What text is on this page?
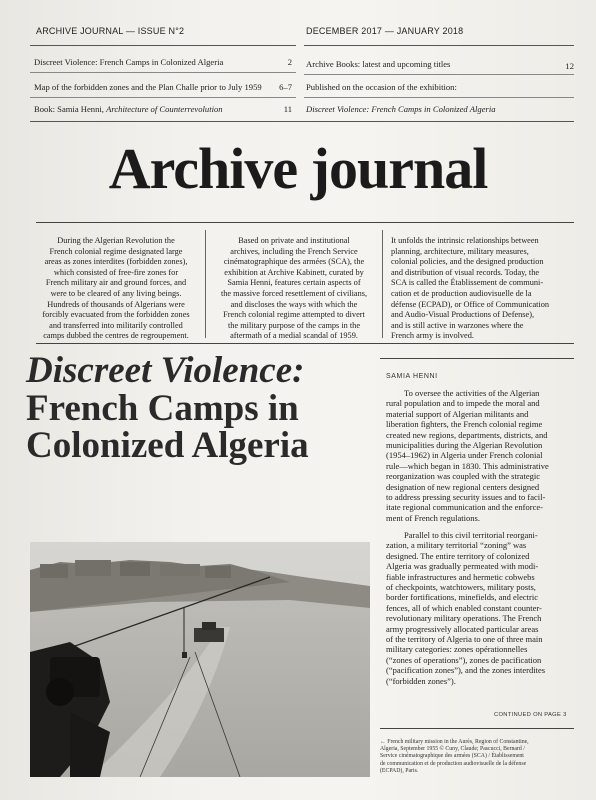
ARCHIVE JOURNAL — ISSUE N°2	DECEMBER 2017 — JANUARY 2018
Discreet Violence: French Camps in Colonized Algeria	2
Map of the forbidden zones and the Plan Challe prior to July 1959	6–7
Book: Samia Henni, Architecture of Counterrevolution	11
Archive Books: latest and upcoming titles	12
Published on the occasion of the exhibition:
Discreet Violence: French Camps in Colonized Algeria
Archive journal
During the Algerian Revolution the
French colonial regime designated large
areas as zones interdites (forbidden zones),
which consisted of free-fire zones for
French military air and ground forces, and
were to be cleared of any living beings.
Hundreds of thousands of Algerians were
forcibly evacuated from the forbidden zones
and transferred into militarily controlled
camps dubbed the centres de regroupement.
Based on private and institutional
archives, including the French Service
cinématographique des armées (SCA), the
exhibition at Archive Kabinett, curated by
Samia Henni, features certain aspects of
the massive forced resettlement of civilians,
and discloses the ways with which the
French colonial regime attempted to divert
the military purpose of the camps in the
aftermath of a medial scandal of 1959.
It unfolds the intrinsic relationships between
planning, architecture, military measures,
colonial policies, and the designed production
and distribution of visual records. Today, the
SCA is called the Établissement de communi-
cation et de production audiovisuelle de la
défense (ECPAD), or Office of Communication
and Audio-Visual Productions of Defense),
and is still active in warzones where the
French army is involved.
Discreet Violence:
French Camps in
Colonized Algeria
SAMIA HENNI
To oversee the activities of the Algerian
rural population and to impede the moral and
material support of Algerian militants and
liberation fighters, the French colonial regime
created new regions, departments, districts, and
municipalities during the Algerian Revolution
(1954–1962) in Algeria under French colonial
rule—which began in 1830. This administrative
reorganization was coupled with the strategic
designation of new regional centers designed
to address pressing security issues and to facil-
itate regional communication and the enforce-
ment of French regulations.
Parallel to this civil territorial reorgani-
zation, a military territorial “zoning” was
designed. The entire territory of colonized
Algeria was gradually permeated with modi-
fiable infrastructures and hermetic cobwebs
of checkpoints, watchtowers, military posts,
border fortifications, minefields, and electric
fences, all of which enabled constant counter-
revolutionary military operations. The French
army progressively allocated particular areas
of the territory of Algeria to one of three main
military categories: zones opérationnelles
(“zones of operations”), zones de pacification
(“pacification zones”), and the zones interdites
(“forbidden zones”).
CONTINUED ON PAGE 3
← French military mission in the Aurès, Region of Constantine,
Algeria, September 1955 © Cuny, Claude; Pascucci, Bernard /
Service cinématographique des armées (SCA) / Établissement
de communication et de production audiovisuelle de la défense
(ECPAD), Paris.
